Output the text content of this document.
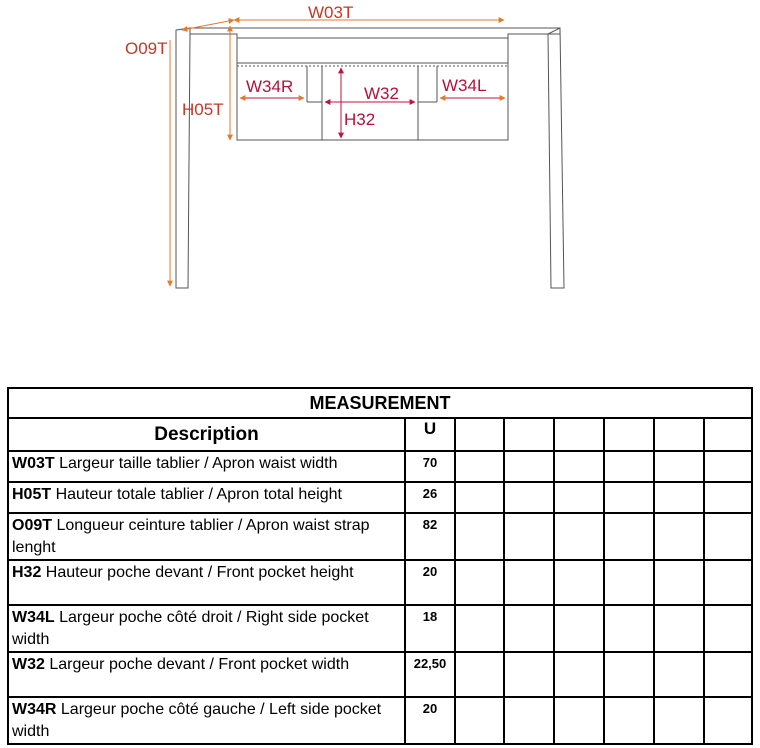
W03T
O09T
H05T
W34R	W32	W34L
H32
MEASUREMENT							
Description	U						
W03T Largeur taille tablier / Apron waist width	70						
H05T Hauteur totale tablier / Apron total height	26						
O09T Longueur ceinture tablier / Apron waist strap lenght	82						
H32 Hauteur poche devant / Front pocket height	20						
W34L Largeur poche côté droit / Right side pocket width	18						
W32 Largeur poche devant / Front pocket width	22,50						
W34R Largeur poche côté gauche / Left side pocket width	20						
